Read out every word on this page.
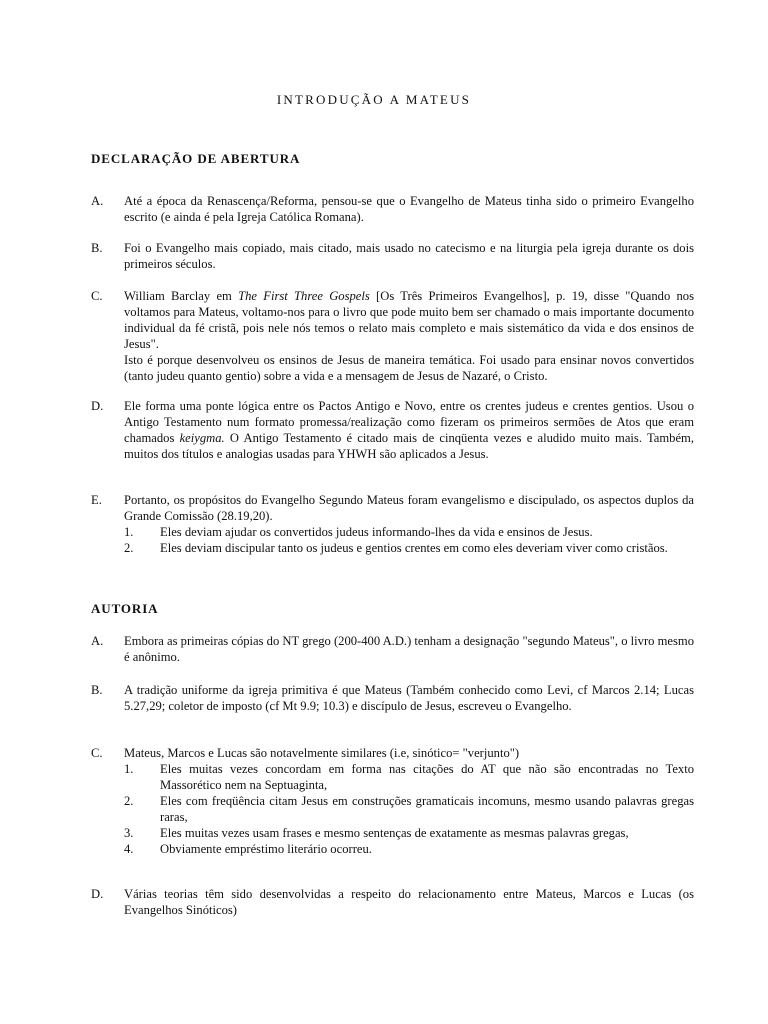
INTRODUÇÃO A MATEUS
DECLARAÇÃO DE ABERTURA
A. Até a época da Renascença/Reforma, pensou-se que o Evangelho de Mateus tinha sido o primeiro Evangelho escrito (e ainda é pela Igreja Católica Romana).
B. Foi o Evangelho mais copiado, mais citado, mais usado no catecismo e na liturgia pela igreja durante os dois primeiros séculos.
C. William Barclay em The First Three Gospels [Os Três Primeiros Evangelhos], p. 19, disse "Quando nos voltamos para Mateus, voltamo-nos para o livro que pode muito bem ser chamado o mais importante documento individual da fé cristã, pois nele nós temos o relato mais completo e mais sistemático da vida e dos ensinos de Jesus".
Isto é porque desenvolveu os ensinos de Jesus de maneira temática. Foi usado para ensinar novos convertidos (tanto judeu quanto gentio) sobre a vida e a mensagem de Jesus de Nazaré, o Cristo.
D. Ele forma uma ponte lógica entre os Pactos Antigo e Novo, entre os crentes judeus e crentes gentios. Usou o Antigo Testamento num formato promessa/realização como fizeram os primeiros sermões de Atos que eram chamados keiygma. O Antigo Testamento é citado mais de cinqüenta vezes e aludido muito mais. Também, muitos dos títulos e analogias usadas para YHWH são aplicados a Jesus.
E. Portanto, os propósitos do Evangelho Segundo Mateus foram evangelismo e discipulado, os aspectos duplos da Grande Comissão (28.19,20).
1. Eles deviam ajudar os convertidos judeus informando-lhes da vida e ensinos de Jesus.
2. Eles deviam discipular tanto os judeus e gentios crentes em como eles deveriam viver como cristãos.
AUTORIA
A. Embora as primeiras cópias do NT grego (200-400 A.D.) tenham a designação "segundo Mateus", o livro mesmo é anônimo.
B. A tradição uniforme da igreja primitiva é que Mateus (Também conhecido como Levi, cf Marcos 2.14; Lucas 5.27,29; coletor de imposto (cf Mt 9.9; 10.3) e discípulo de Jesus, escreveu o Evangelho.
C. Mateus, Marcos e Lucas são notavelmente similares (i.e, sinótico= "verjunto")
1. Eles muitas vezes concordam em forma nas citações do AT que não são encontradas no Texto Massorético nem na Septuaginta,
2. Eles com freqüência citam Jesus em construções gramaticais incomuns, mesmo usando palavras gregas raras,
3. Eles muitas vezes usam frases e mesmo sentenças de exatamente as mesmas palavras gregas,
4. Obviamente empréstimo literário ocorreu.
D. Várias teorias têm sido desenvolvidas a respeito do relacionamento entre Mateus, Marcos e Lucas (os Evangelhos Sinóticos)
